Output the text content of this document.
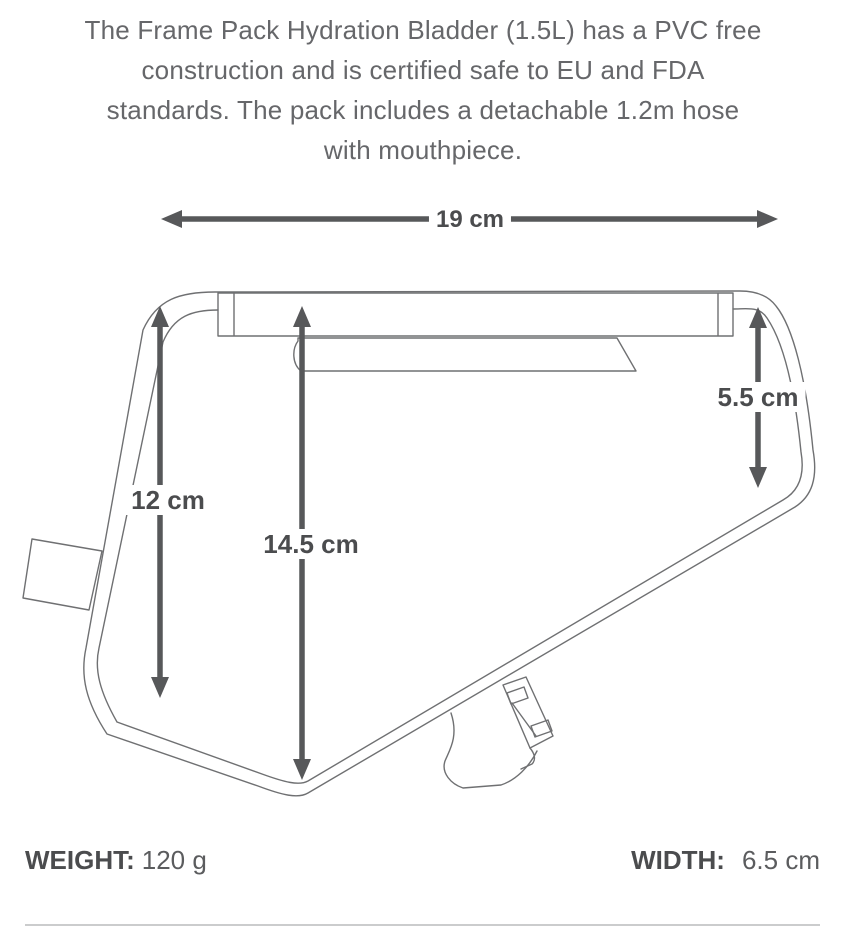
The Frame Pack Hydration Bladder (1.5L) has a PVC free
construction and is certified safe to EU and FDA
standards. The pack includes a detachable 1.2m hose
with mouthpiece.
19 cm
12 cm
14.5 cm
5.5 cm
WEIGHT: 120 g	WIDTH: 6.5 cm
